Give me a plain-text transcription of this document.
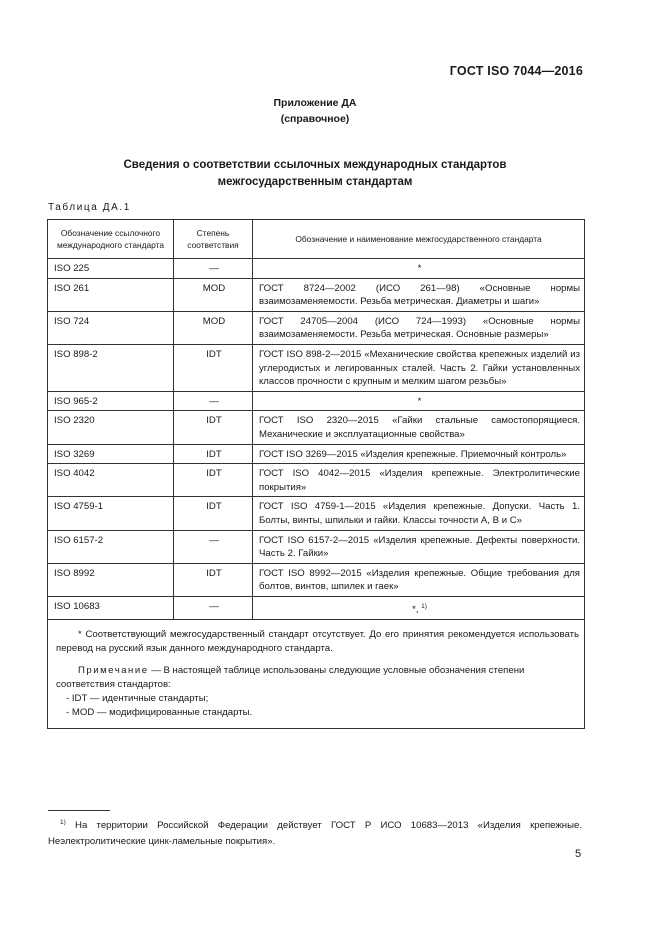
ГОСТ ISO 7044—2016
Приложение ДА
(справочное)
Сведения о соответствии ссылочных международных стандартов
межгосударственным стандартам
Таблица ДА.1
Обозначение ссылочного международного стандарта	Степень соответствия	Обозначение и наименование межгосударственного стандарта
ISO 225	—	*
ISO 261	MOD	ГОСТ 8724—2002 (ИСО 261—98) «Основные нормы взаимозаменяемости. Резьба метрическая. Диаметры и шаги»
ISO 724	MOD	ГОСТ 24705—2004 (ИСО 724—1993) «Основные нормы взаимозаменяемости. Резьба метрическая. Основные размеры»
ISO 898-2	IDT	ГОСТ ISO 898-2—2015 «Механические свойства крепежных изделий из углеродистых и легированных сталей. Часть 2. Гайки установленных классов прочности с крупным и мелким шагом резьбы»
ISO 965-2	—	*
ISO 2320	IDT	ГОСТ ISO 2320—2015 «Гайки стальные самостопорящиеся. Механические и эксплуатационные свойства»
ISO 3269	IDT	ГОСТ ISO 3269—2015 «Изделия крепежные. Приемочный контроль»
ISO 4042	IDT	ГОСТ ISO 4042—2015 «Изделия крепежные. Электролитические покрытия»
ISO 4759-1	IDT	ГОСТ ISO 4759-1—2015 «Изделия крепежные. Допуски. Часть 1. Болты, винты, шпильки и гайки. Классы точности A, B и C»
ISO 6157-2	—	ГОСТ ISO 6157-2—2015 «Изделия крепежные. Дефекты поверхности. Часть 2. Гайки»
ISO 8992	IDT	ГОСТ ISO 8992—2015 «Изделия крепежные. Общие требования для болтов, винтов, шпилек и гаек»
ISO 10683	—	*, $^{1)}$

* Соответствующий межгосударственный стандарт отсутствует. До его принятия рекомендуется использовать перевод на русский язык данного международного стандарта.
Примечание — В настоящей таблице использованы следующие условные обозначения степени соответствия стандартов:
- IDT — идентичные стандарты;
- MOD — модифицированные стандарты.		
$^{1)}$ На территории Российской Федерации действует ГОСТ Р ИСО 10683—2013 «Изделия крепежные. Неэлектролитические цинк-ламельные покрытия».
5
